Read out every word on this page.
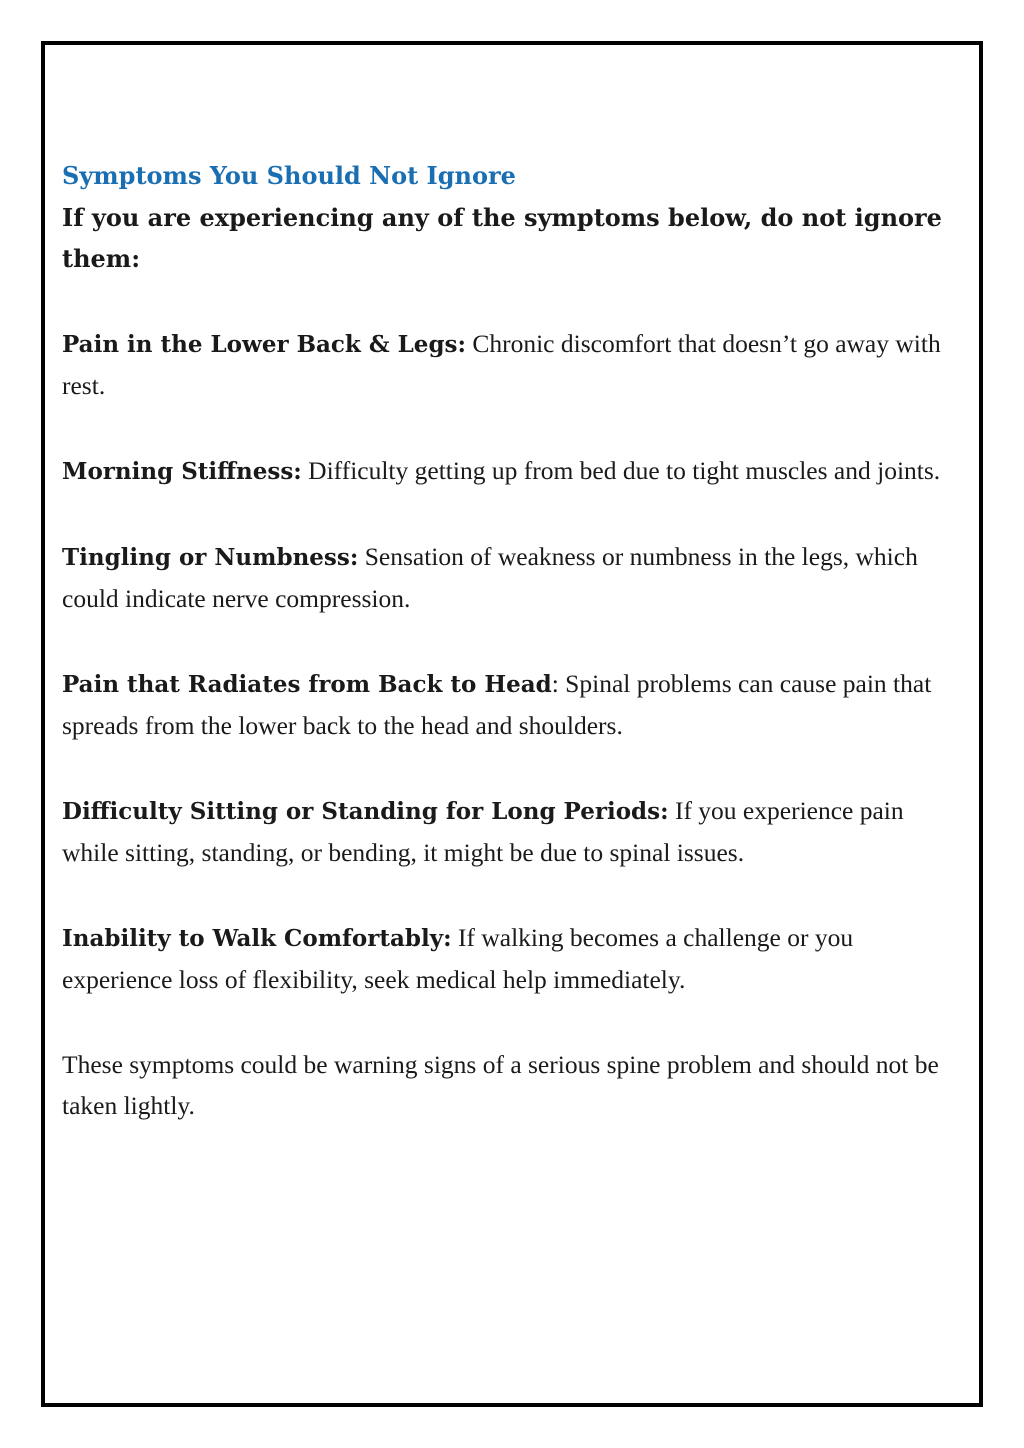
Symptoms You Should Not Ignore

If you are experiencing any of the symptoms below, do not ignore them:

Pain in the Lower Back & Legs: Chronic discomfort that doesn’t go away with rest.

Morning Stiffness: Difficulty getting up from bed due to tight muscles and joints.

Tingling or Numbness: Sensation of weakness or numbness in the legs, which could indicate nerve compression.

Pain that Radiates from Back to Head: Spinal problems can cause pain that spreads from the lower back to the head and shoulders.

Difficulty Sitting or Standing for Long Periods: If you experience pain while sitting, standing, or bending, it might be due to spinal issues.

Inability to Walk Comfortably: If walking becomes a challenge or you experience loss of flexibility, seek medical help immediately.

These symptoms could be warning signs of a serious spine problem and should not be taken lightly.
